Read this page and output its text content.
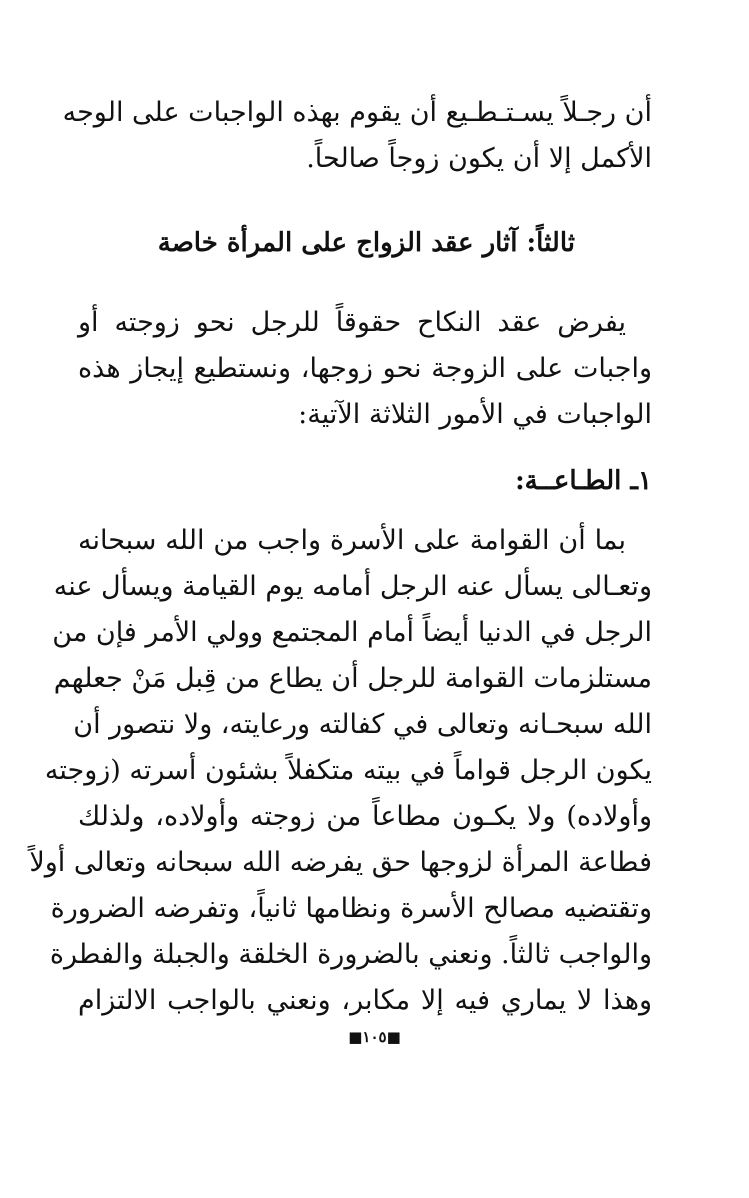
أن رجـلاً يسـتـطـيع أن يقوم بهذه الواجبات على الوجه
الأكمل إلا أن يكون زوجاً صالحاً.
ثالثاً: آثار عقد الزواج على المرأة خاصة
يفرض عقد النكاح حقوقاً للرجل نحو زوجته أو
واجبات على الزوجة نحو زوجها، ونستطيع إيجاز هذه
الواجبات في الأمور الثلاثة الآتية:
١ـ الطـاعــة:
بما أن القوامة على الأسرة واجب من الله سبحانه
وتعـالى يسأل عنه الرجل أمامه يوم القيامة ويسأل عنه
الرجل في الدنيا أيضاً أمام المجتمع وولي الأمر فإن من
مستلزمات القوامة للرجل أن يطاع من قِبل مَنْ جعلهم
الله سبحـانه وتعالى في كفالته ورعايته، ولا نتصور أن
يكون الرجل قواماً في بيته متكفلاً بشئون أسرته (زوجته
وأولاده) ولا يكـون مطاعاً من زوجته وأولاده، ولذلك
فطاعة المرأة لزوجها حق يفرضه الله سبحانه وتعالى أولاً
وتقتضيه مصالح الأسرة ونظامها ثانياً، وتفرضه الضرورة
والواجب ثالثاً. ونعني بالضرورة الخلقة والجبلة والفطرة
وهذا لا يماري فيه إلا مكابر، ونعني بالواجب الالتزام
■١٠٥■
